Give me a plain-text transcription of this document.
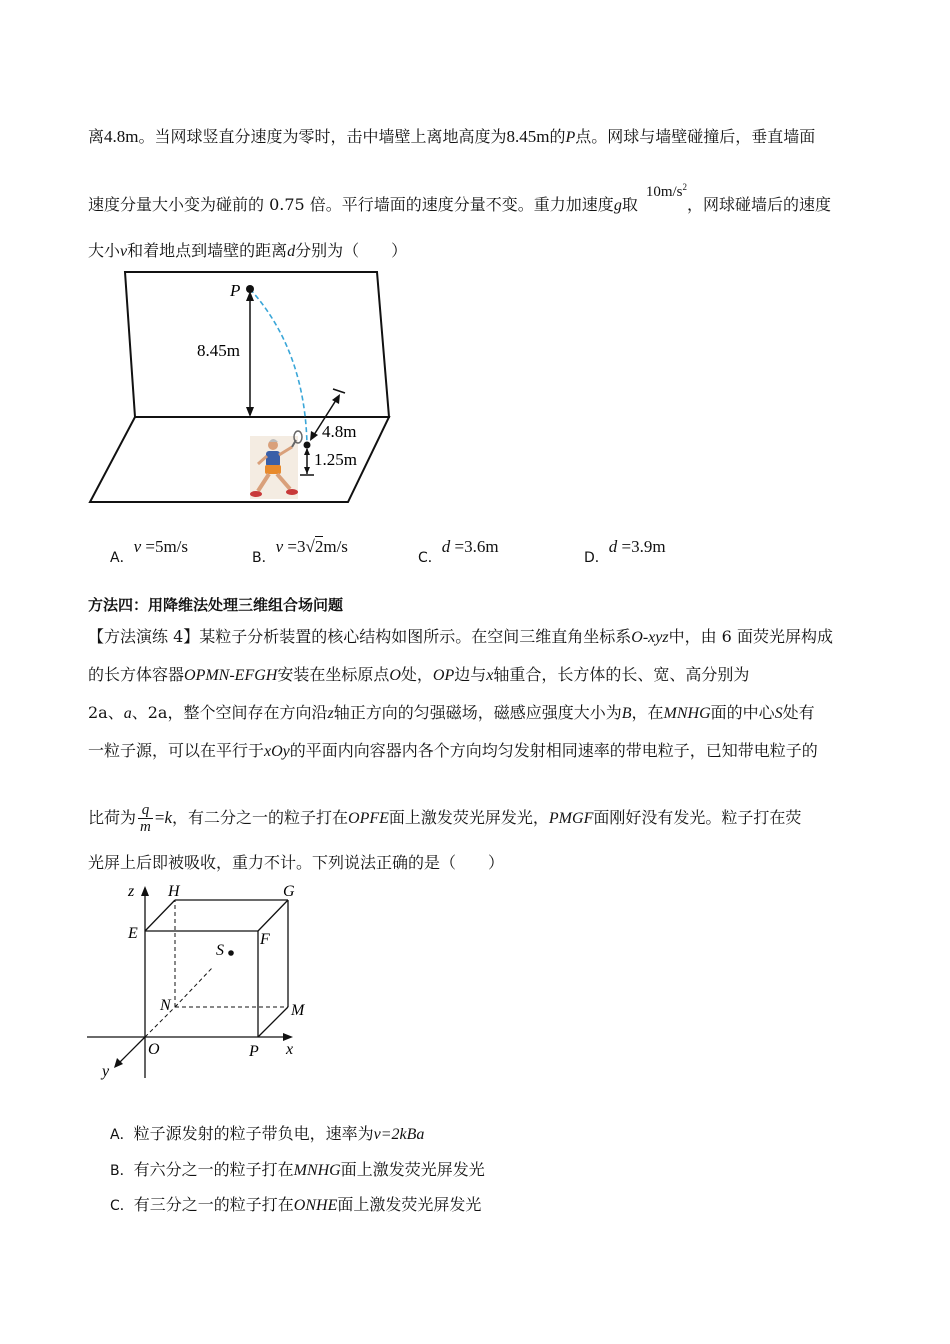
离4.8m。当网球竖直分速度为零时，击中墙壁上离地高度为8.45m的P点。网球与墙壁碰撞后，垂直墙面
速度分量大小变为碰前的 0.75 倍。平行墙面的速度分量不变。重力加速度g取$10m/s^2$，网球碰墙后的速度
大小v和着地点到墙壁的距离d分别为（　　）
P
8.45m
4.8m
1.25m
A．v =5m/s
B．v =3√2m/s
C．d =3.6m
D．d =3.9m
方法四：用降维法处理三维组合场问题
【方法演练 4】某粒子分析装置的核心结构如图所示。在空间三维直角坐标系O-xyz中，由 6 面荧光屏构成
的长方体容器OPMN-EFGH安装在坐标原点O处，OP边与x轴重合，长方体的长、宽、高分别为
2a、a、2a，整个空间存在方向沿z轴正方向的匀强磁场，磁感应强度大小为B，在MNHG面的中心S处有
一粒子源，可以在平行于xOy的平面内向容器内各个方向均匀发射相同速率的带电粒子，已知带电粒子的
比荷为 $\frac{q}{m} =k$，有二分之一的粒子打在OPFE面上激发荧光屏发光，PMGF面刚好没有发光。粒子打在荧
光屏上后即被吸收，重力不计。下列说法正确的是（　　）
z
x
y
H	G
E	F
S
N	M
O	P
A．粒子源发射的粒子带负电，速率为v=2kBa
B．有六分之一的粒子打在MNHG面上激发荧光屏发光
C．有三分之一的粒子打在ONHE面上激发荧光屏发光
